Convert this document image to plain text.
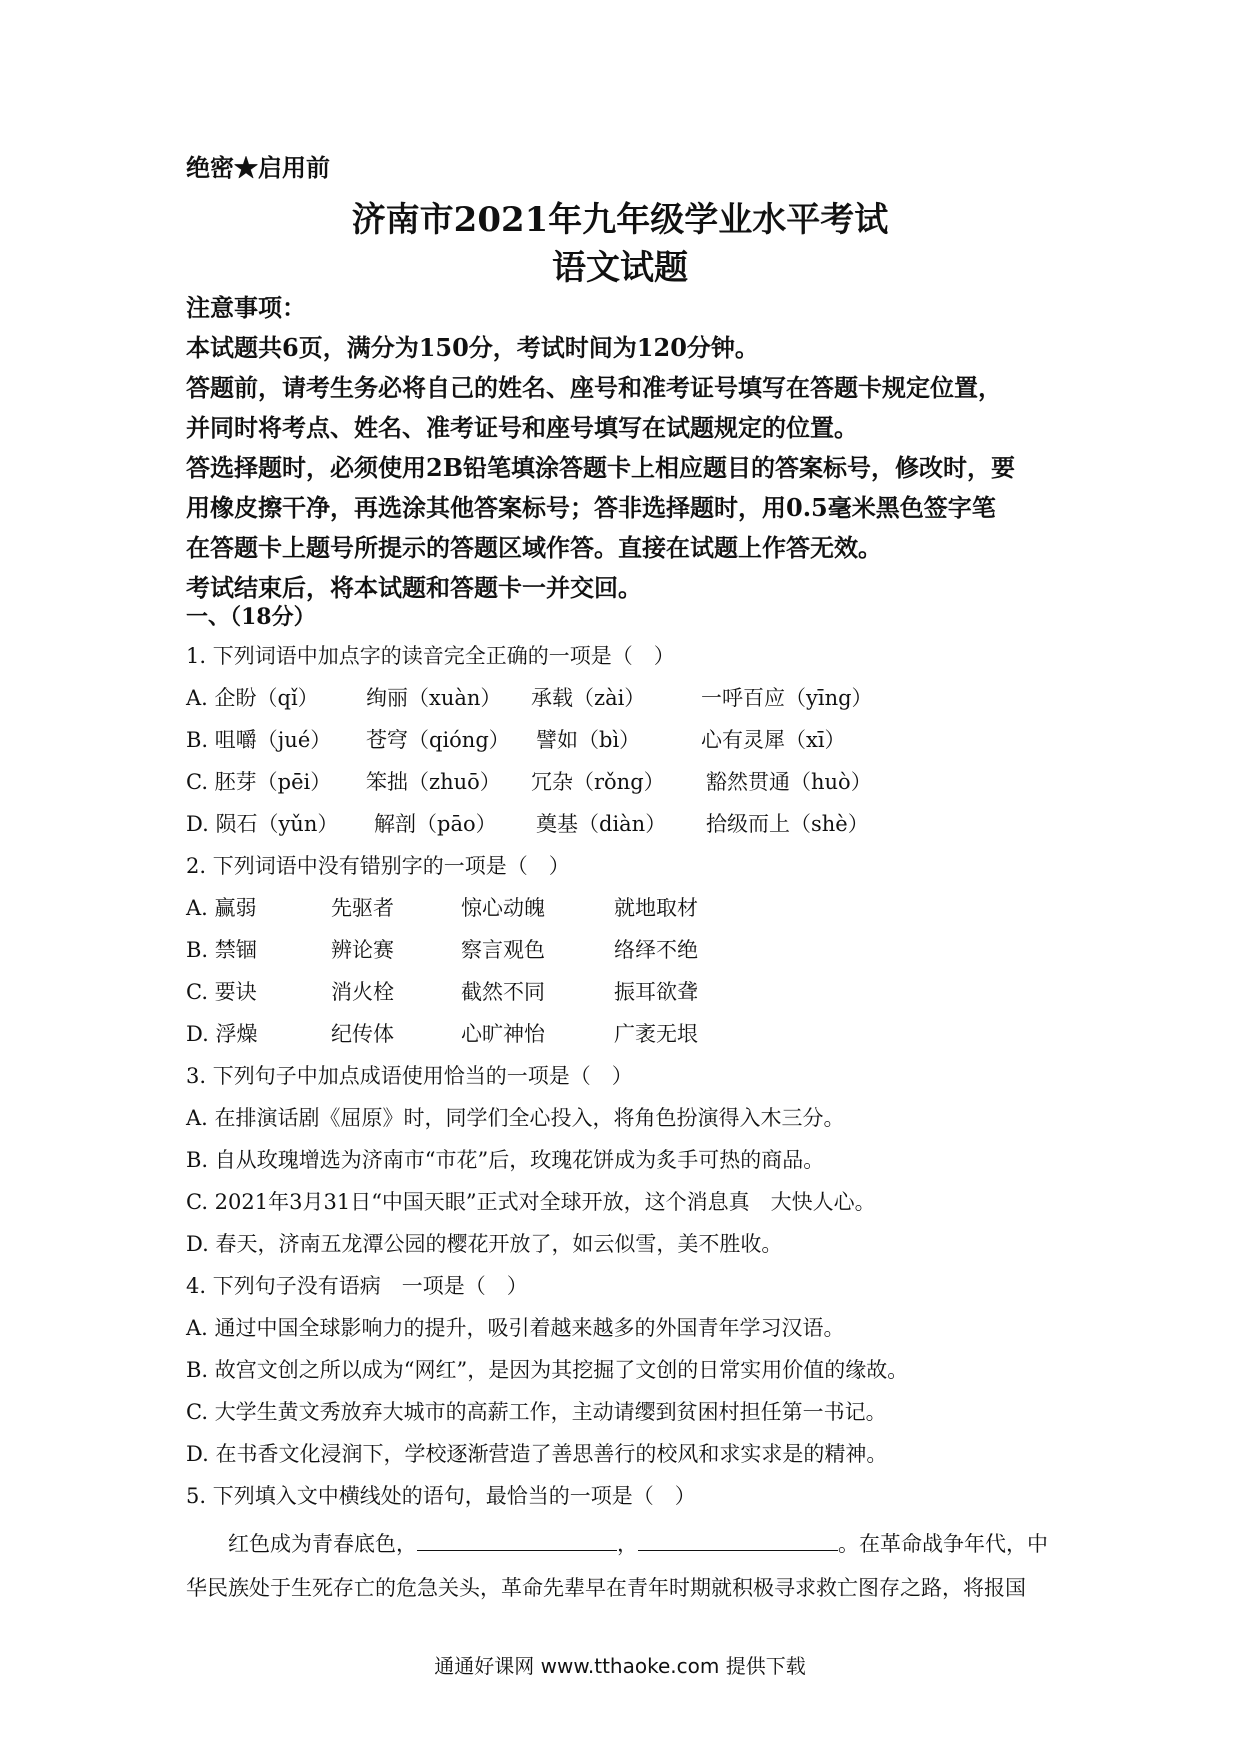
绝密★启用前
济南市2021年九年级学业水平考试
语文试题
注意事项：
本试题共6页，满分为150分，考试时间为120分钟。
答题前，请考生务必将自己的姓名、座号和准考证号填写在答题卡规定位置，
并同时将考点、姓名、准考证号和座号填写在试题规定的位置。
答选择题时，必须使用2B铅笔填涂答题卡上相应题目的答案标号，修改时，要
用橡皮擦干净，再选涂其他答案标号；答非选择题时，用0.5毫米黑色签字笔
在答题卡上题号所提示的答题区域作答。直接在试题上作答无效。
考试结束后，将本试题和答题卡一并交回。
一、（18分）
1. 下列词语中加点字的读音完全正确的一项是（　）
A. 企盼（qǐ） 绚丽（xuàn） 承载（zài）	一呼百应（yīng）
B. 咀嚼（jué） 苍穹（qióng） 譬如（bì）	心有灵犀（xī）
C. 胚芽（pēi） 笨拙（zhuō） 冗杂（rǒng） 豁然贯通（huò）
D. 陨石（yǔn） 解剖（pāo） 奠基（diàn） 拾级而上（shè）
2. 下列词语中没有错别字的一项是（　）
A. 赢弱	先驱者	惊心动魄	就地取材
B. 禁锢	辨论赛	察言观色	络绎不绝
C. 要诀	消火栓	截然不同	振耳欲聋
D. 浮燥	纪传体	心旷神怡	广袤无垠
3. 下列句子中加点成语使用恰当的一项是（　）
A. 在排演话剧《屈原》时，同学们全心投入，将角色扮演得入木三分。
B. 自从玫瑰增选为济南市“市花”后，玫瑰花饼成为炙手可热的商品。
C. 2021年3月31日“中国天眼”正式对全球开放，这个消息真　大快人心。
D. 春天，济南五龙潭公园的樱花开放了，如云似雪，美不胜收。
4. 下列句子没有语病　一项是（　）
A. 通过中国全球影响力的提升，吸引着越来越多的外国青年学习汉语。
B. 故宫文创之所以成为“网红”，是因为其挖掘了文创的日常实用价值的缘故。
C. 大学生黄文秀放弃大城市的高薪工作，主动请缨到贫困村担任第一书记。
D. 在书香文化浸润下，学校逐渐营造了善思善行的校风和求实求是的精神。
5. 下列填入文中横线处的语句，最恰当的一项是（　）
红色成为青春底色，	，	。在革命战争年代，中
华民族处于生死存亡的危急关头，革命先辈早在青年时期就积极寻求救亡图存之路，将报国
通通好课网 www.tthaoke.com 提供下载
